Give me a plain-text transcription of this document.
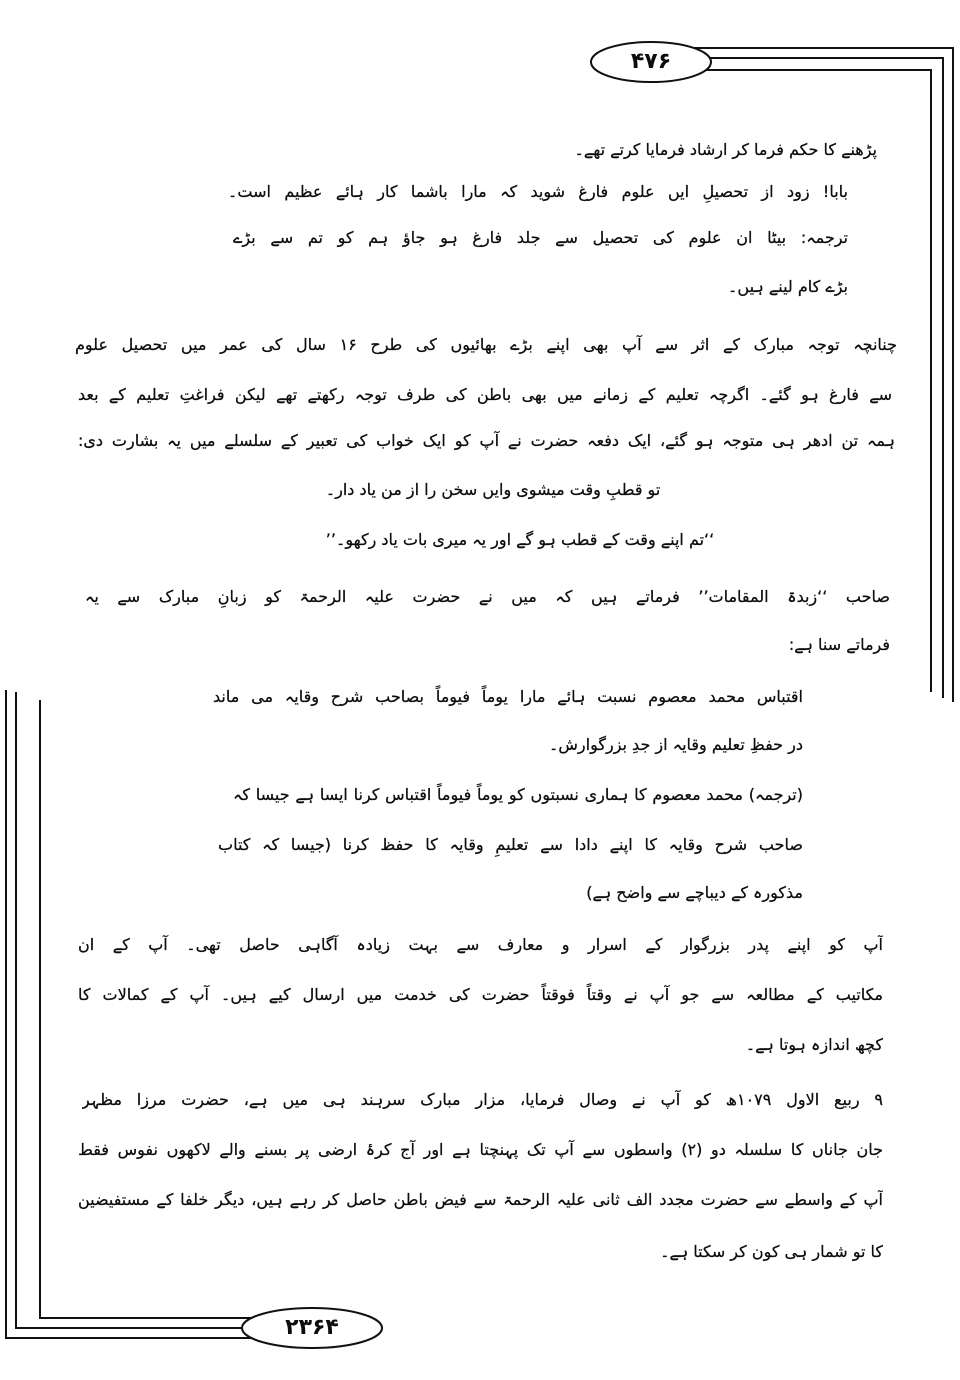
۴۷۶
پڑھنے کا حکم فرما کر ارشاد فرمایا کرتے تھے۔
بابا! زود از تحصیلِ ایں علوم فارغ شوید کہ مارا باشما کار ہائے عظیم است۔
ترجمہ: بیٹا ان علوم کی تحصیل سے جلد فارغ ہو جاؤ ہم کو تم سے بڑے
بڑے کام لینے ہیں۔
چنانچہ توجہ مبارک کے اثر سے آپ بھی اپنے بڑے بھائیوں کی طرح ۱۶ سال کی عمر میں تحصیل علوم
سے فارغ ہو گئے۔ اگرچہ تعلیم کے زمانے میں بھی باطن کی طرف توجہ رکھتے تھے لیکن فراغتِ تعلیم کے بعد
ہمہ تن ادھر ہی متوجہ ہو گئے، ایک دفعہ حضرت نے آپ کو ایک خواب کی تعبیر کے سلسلے میں یہ بشارت دی:
تو قطبِ وقت میشوی وایں سخن را از من یاد دار۔
‘‘تم اپنے وقت کے قطب ہو گے اور یہ میری بات یاد رکھو۔’’
صاحب ‘‘زبدۃ المقامات’’ فرماتے ہیں کہ میں نے حضرت علیہ الرحمۃ کو زبانِ مبارک سے یہ
فرماتے سنا ہے:
اقتباس محمد معصوم نسبت ہائے مارا یوماً فیوماً بصاحب شرح وقایہ می ماند
در حفظِ تعلیم وقایہ از جدِ بزرگوارش۔
(ترجمہ) محمد معصوم کا ہماری نسبتوں کو یوماً فیوماً اقتباس کرنا ایسا ہے جیسا کہ
صاحب شرح وقایہ کا اپنے دادا سے تعلیمِ وقایہ کا حفظ کرنا (جیسا کہ کتاب
مذکورہ کے دیباچے سے واضح ہے)
آپ کو اپنے پدر بزرگوار کے اسرار و معارف سے بہت زیادہ آگاہی حاصل تھی۔ آپ کے ان
مکاتیب کے مطالعہ سے جو آپ نے وقتاً فوقتاً حضرت کی خدمت میں ارسال کیے ہیں۔ آپ کے کمالات کا
کچھ اندازہ ہوتا ہے۔
۹ ربیع الاول ۱۰۷۹ھ کو آپ نے وصال فرمایا، مزار مبارک سرہند ہی میں ہے، حضرت مرزا مظہر
جان جاناں کا سلسلہ دو (۲) واسطوں سے آپ تک پہنچتا ہے اور آج کرۂ ارضی پر بسنے والے لاکھوں نفوس فقط
آپ کے واسطے سے حضرت مجدد الف ثانی علیہ الرحمۃ سے فیض باطن حاصل کر رہے ہیں، دیگر خلفا کے مستفیضین
کا تو شمار ہی کون کر سکتا ہے۔
۲۳۶۴
